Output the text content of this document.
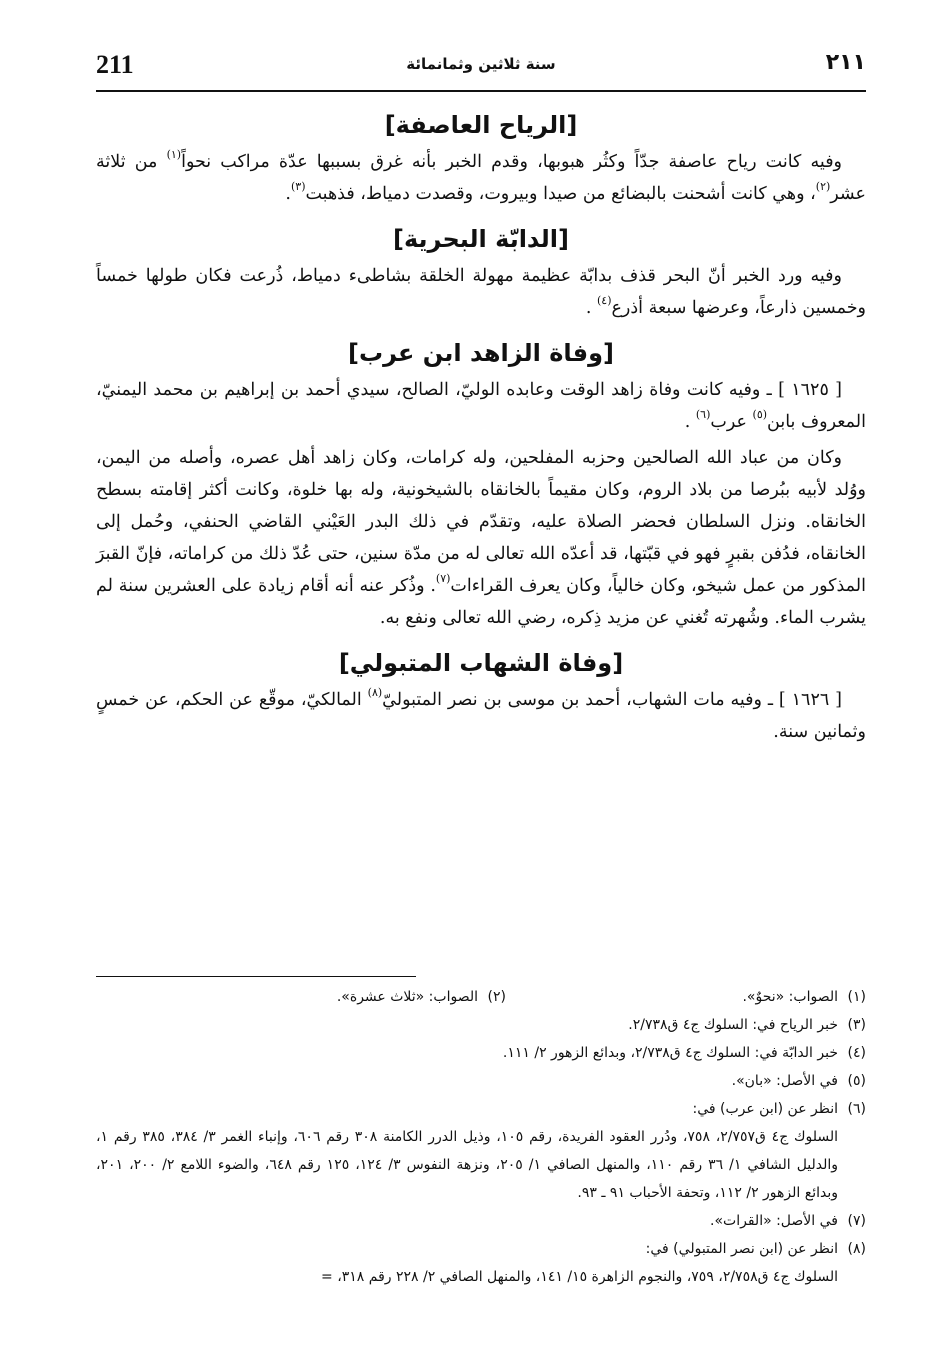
211	سنة ثلاثين وثمانمائة	٢١١
[الرياح العاصفة]

وفيه كانت رياح عاصفة جدّاً وكثُر هبوبها، وقدم الخبر بأنه غرق بسببها عدّة مراكب نحواً$^{(١)}$ من ثلاثة عشر$^{(٢)}$، وهي كانت أشحنت بالبضائع من صيدا وبيروت، وقصدت دمياط، فذهبت$^{(٣)}$.

[الدابّة البحرية]

وفيه ورد الخبر أنّ البحر قذف بدابّة عظيمة مهولة الخلقة بشاطىء دمياط، ذُرعت فكان طولها خمساً وخمسين ذارعاً، وعرضها سبعة أذرع$^{(٤)}$ .

[وفاة الزاهد ابن عرب]

[ ١٦٢٥ ] ـ وفيه كانت وفاة زاهد الوقت وعابده الوليّ، الصالح، سيدي أحمد بن إبراهيم بن محمد اليمنيّ، المعروف بابن$^{(٥)}$ عرب$^{(٦)}$ .

وكان من عباد الله الصالحين وحزبه المفلحين، وله كرامات، وكان زاهد أهل عصره، وأصله من اليمن، ووُلد لأبيه ببُرصا من بلاد الروم، وكان مقيماً بالخانقاه بالشيخونية، وله بها خلوة، وكانت أكثر إقامته بسطح الخانقاه. ونزل السلطان فحضر الصلاة عليه، وتقدّم في ذلك البدر العَيْني القاضي الحنفي، وحُمل إلى الخانقاه، فدُفن بقبرٍ فهو في قبّتها، قد أعدّه الله تعالى له من مدّة سنين، حتى عُدّ ذلك من كراماته، فإنّ القبرَ المذكور من عمل شيخو، وكان خالياً، وكان يعرف القراءات$^{(٧)}$. وذُكر عنه أنه أقام زيادة على العشرين سنة لم يشرب الماء. وشُهرته تُغني عن مزيد ذِكره، رضي الله تعالى ونفع به.

[وفاة الشهاب المتبولي]

[ ١٦٢٦ ] ـ وفيه مات الشهاب، أحمد بن موسى بن نصر المتبوليّ$^{(٨)}$ المالكيّ، موقّع عن الحكم، عن خمسٍ وثمانين سنة.

(١)الصواب: «نحوٌ».
(٢)الصواب: «ثلاث عشرة».
(٣)خبر الرياح في: السلوك ج٤ ق٢/٧٣٨.
(٤)خبر الدابّة في: السلوك ج٤ ق٢/٧٣٨، وبدائع الزهور ٢/ ١١١.
(٥)في الأصل: «بان».
(٦)انظر عن (ابن عرب) في:
السلوك ج٤ ق٢/٧٥٧، ٧٥٨، ودُرر العقود الفريدة، رقم ١٠٥، وذيل الدرر الكامنة ٣٠٨ رقم ٦٠٦، وإنباء الغمر ٣/ ٣٨٤، ٣٨٥ رقم ١، والدليل الشافي ١/ ٣٦ رقم ١١٠، والمنهل الصافي ١/ ٢٠٥، ونزهة النفوس ٣/ ١٢٤، ١٢٥ رقم ٦٤٨، والضوء اللامع ٢/ ٢٠٠، ٢٠١، وبدائع الزهور ٢/ ١١٢، وتحفة الأحباب ٩١ ـ ٩٣.
(٧)في الأصل: «القرات».
(٨)انظر عن (ابن نصر المتبولي) في:
السلوك ج٤ ق٢/٧٥٨، ٧٥٩، والنجوم الزاهرة ١٥/ ١٤١، والمنهل الصافي ٢/ ٢٢٨ رقم ٣١٨، =
